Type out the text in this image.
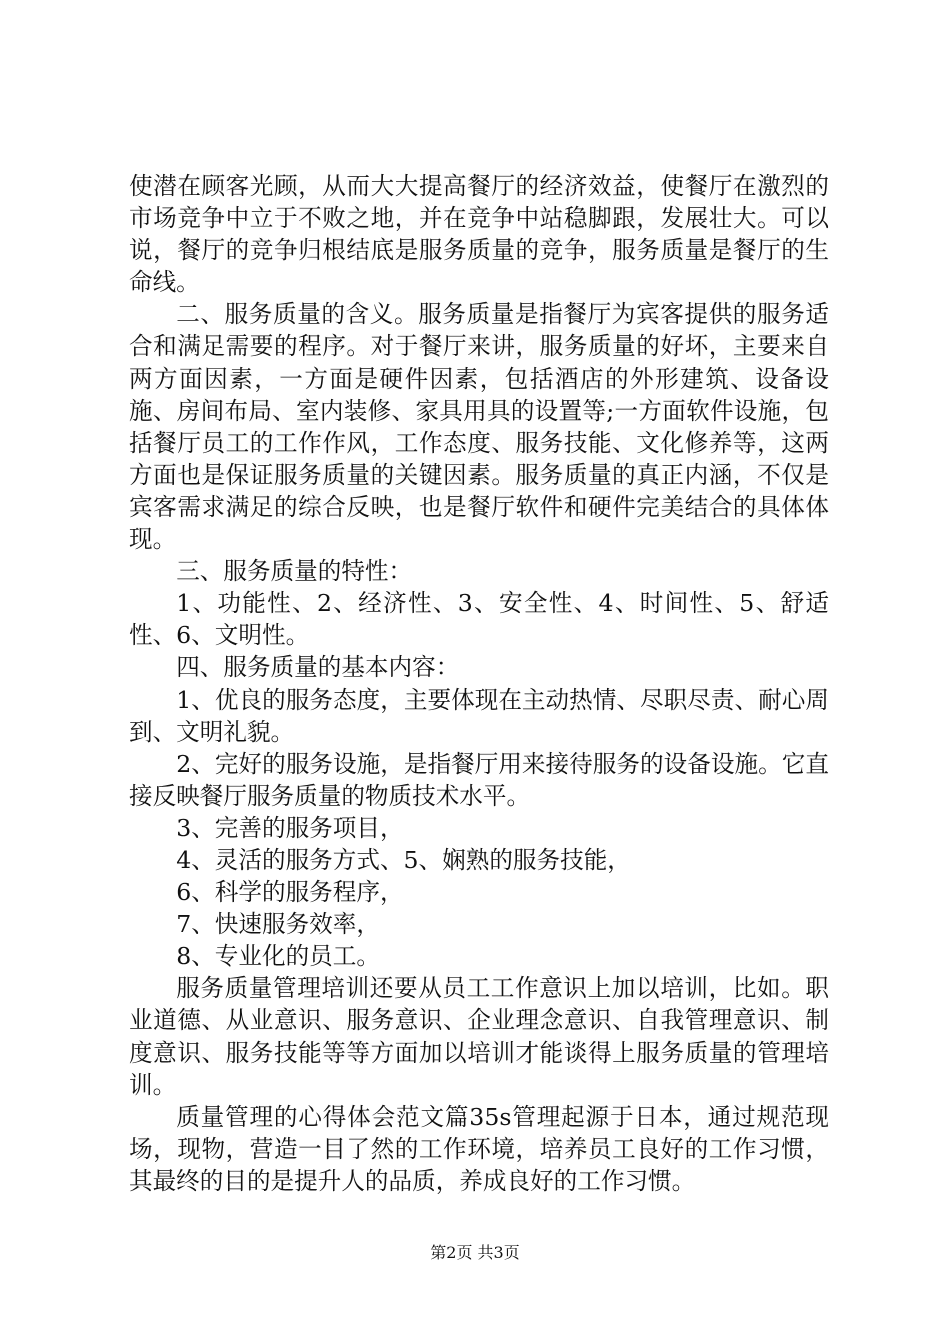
使潜在顾客光顾，从而大大提高餐厅的经济效益，使餐厅在激烈的市场竞争中立于不败之地，并在竞争中站稳脚跟，发展壮大。可以说，餐厅的竞争归根结底是服务质量的竞争，服务质量是餐厅的生命线。

二、服务质量的含义。服务质量是指餐厅为宾客提供的服务适合和满足需要的程序。对于餐厅来讲，服务质量的好坏，主要来自两方面因素，一方面是硬件因素，包括酒店的外形建筑、设备设施、房间布局、室内装修、家具用具的设置等;一方面软件设施，包括餐厅员工的工作作风，工作态度、服务技能、文化修养等，这两方面也是保证服务质量的关键因素。服务质量的真正内涵，不仅是宾客需求满足的综合反映，也是餐厅软件和硬件完美结合的具体体现。

三、服务质量的特性：

1、功能性、2、经济性、3、安全性、4、时间性、5、舒适性、6、文明性。

四、服务质量的基本内容：

1、优良的服务态度，主要体现在主动热情、尽职尽责、耐心周到、文明礼貌。

2、完好的服务设施，是指餐厅用来接待服务的设备设施。它直接反映餐厅服务质量的物质技术水平。

3、完善的服务项目，

4、灵活的服务方式、5、娴熟的服务技能，

6、科学的服务程序，

7、快速服务效率，

8、专业化的员工。

服务质量管理培训还要从员工工作意识上加以培训，比如。职业道德、从业意识、服务意识、企业理念意识、自我管理意识、制度意识、服务技能等等方面加以培训才能谈得上服务质量的管理培训。

质量管理的心得体会范文篇35s管理起源于日本，通过规范现场，现物，营造一目了然的工作环境，培养员工良好的工作习惯，其最终的目的是提升人的品质，养成良好的工作习惯。

第2页 共3页
